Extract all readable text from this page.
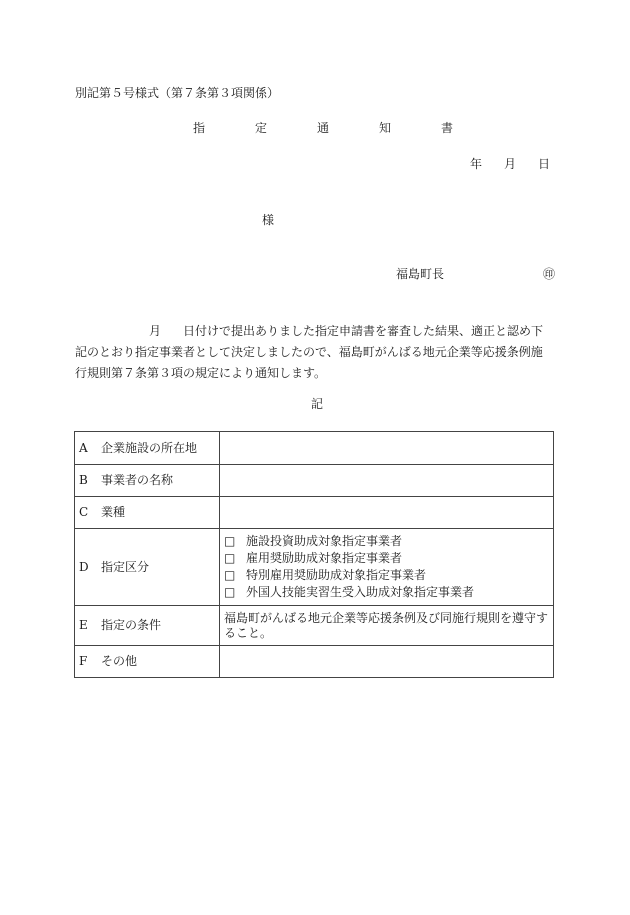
別記第５号様式（第７条第３項関係）
指	定	通	知	書
年 月 日
様
福島町長	㊞

月 日付けで提出ありました指定申請書を審査した結果、適正と認め下

記のとおり指定事業者として決定しましたので、福島町がんばる地元企業等応援条例施

行規則第７条第３項の規定により通知します。

記
A 企業施設の所在地	
B 事業者の名称	
C 業種	
D 指定区分	□ 施設投資助成対象指定事業者
□ 雇用奨励助成対象指定事業者
□ 特別雇用奨励助成対象指定事業者
□ 外国人技能実習生受入助成対象指定事業者

E 指定の条件	福島町がんばる地元企業等応援条例及び同施行規則を遵守すること。
F その他	
